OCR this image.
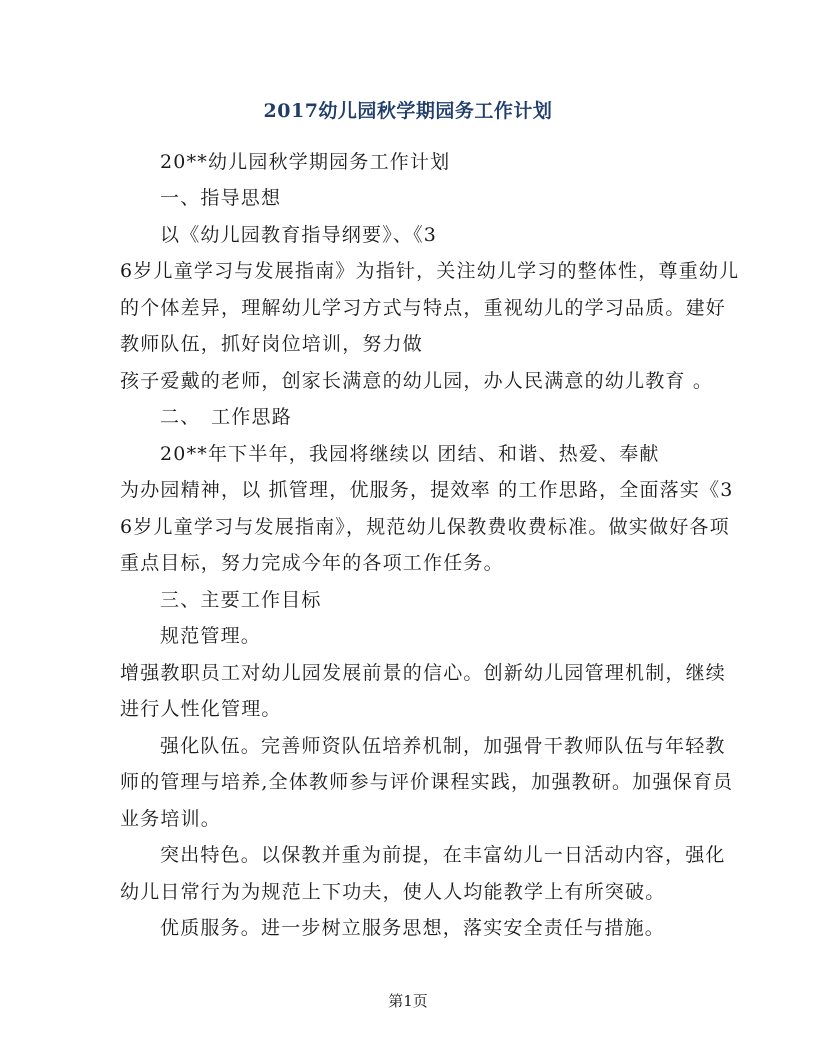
2017幼儿园秋学期园务工作计划
20**幼儿园秋学期园务工作计划
一、指导思想
以《幼儿园教育指导纲要》、《3
6岁儿童学习与发展指南》为指针，关注幼儿学习的整体性，尊重幼儿
的个体差异，理解幼儿学习方式与特点，重视幼儿的学习品质。建好
教师队伍，抓好岗位培训，努力做
孩子爱戴的老师，创家长满意的幼儿园，办人民满意的幼儿教育 。
二、　工作思路
20**年下半年，我园将继续以 团结、和谐、热爱、奉献
为办园精神，以 抓管理，优服务，提效率 的工作思路，全面落实《3
6岁儿童学习与发展指南》，规范幼儿保教费收费标准。做实做好各项
重点目标，努力完成今年的各项工作任务。
三、主要工作目标
规范管理。
增强教职员工对幼儿园发展前景的信心。创新幼儿园管理机制，继续
进行人性化管理。
强化队伍。完善师资队伍培养机制，加强骨干教师队伍与年轻教
师的管理与培养,全体教师参与评价课程实践，加强教研。加强保育员
业务培训。
突出特色。以保教并重为前提，在丰富幼儿一日活动内容，强化
幼儿日常行为为规范上下功夫，使人人均能教学上有所突破。
优质服务。进一步树立服务思想，落实安全责任与措施。
第1页
